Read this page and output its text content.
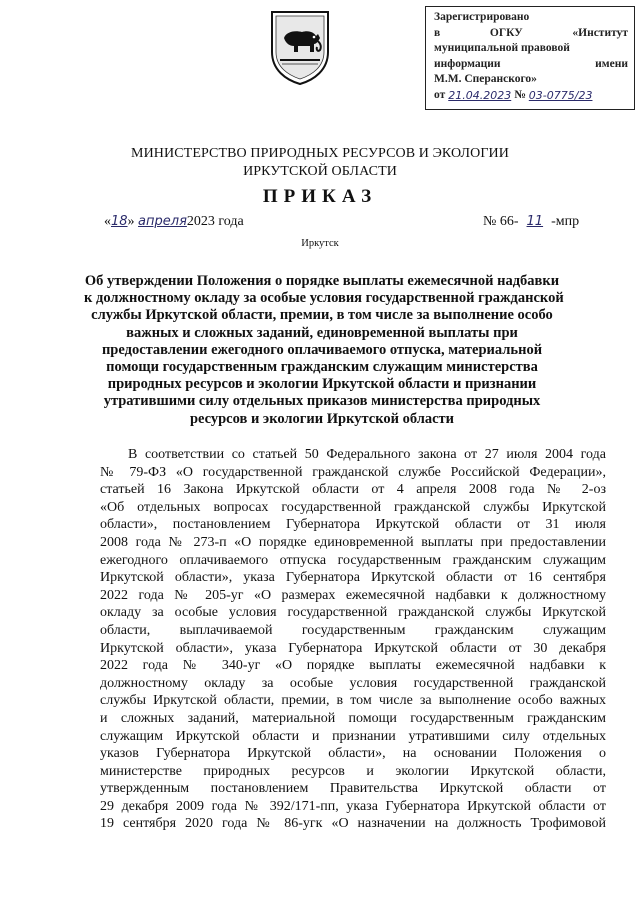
Зарегистрировано
в	ОГКУ	«Институт
муниципальной правовой
информации	имени
М.М. Сперанского»
от 21.04.2023 № 03-0775/23
МИНИСТЕРСТВО ПРИРОДНЫХ РЕСУРСОВ И ЭКОЛОГИИ
ИРКУТСКОЙ ОБЛАСТИ
ПРИКАЗ
«18» апреля2023 года	№ 66- 11 -мпр
Иркутск
Об утверждении Положения о порядке выплаты ежемесячной надбавки
к должностному окладу за особые условия государственной гражданской
службы Иркутской области, премии, в том числе за выполнение особо
важных и сложных заданий, единовременной выплаты при
предоставлении ежегодного оплачиваемого отпуска, материальной
помощи государственным гражданским служащим министерства
природных ресурсов и экологии Иркутской области и признании
утратившими силу отдельных приказов министерства природных
ресурсов и экологии Иркутской области
В соответствии со статьей 50 Федерального закона от 27 июля 2004 года
№ 79-ФЗ «О государственной гражданской службе Российской Федерации»,
статьей 16 Закона Иркутской области от 4 апреля 2008 года № 2-оз
«Об отдельных вопросах государственной гражданской службы Иркутской
области», постановлением Губернатора Иркутской области от 31 июля
2008 года № 273-п «О порядке единовременной выплаты при предоставлении
ежегодного оплачиваемого отпуска государственным гражданским служащим
Иркутской области», указа Губернатора Иркутской области от 16 сентября
2022 года № 205-уг «О размерах ежемесячной надбавки к должностному
окладу за особые условия государственной гражданской службы Иркутской
области, выплачиваемой государственным гражданским служащим
Иркутской области», указа Губернатора Иркутской области от 30 декабря
2022 года № 340-уг «О порядке выплаты ежемесячной надбавки к
должностному окладу за особые условия государственной гражданской
службы Иркутской области, премии, в том числе за выполнение особо важных
и сложных заданий, материальной помощи государственным гражданским
служащим Иркутской области и признании утратившими силу отдельных
указов Губернатора Иркутской области», на основании Положения о
министерстве природных ресурсов и экологии Иркутской области,
утвержденным постановлением Правительства Иркутской области от
29 декабря 2009 года № 392/171-пп, указа Губернатора Иркутской области от
19 сентября 2020 года № 86-угк «О назначении на должность Трофимовой
